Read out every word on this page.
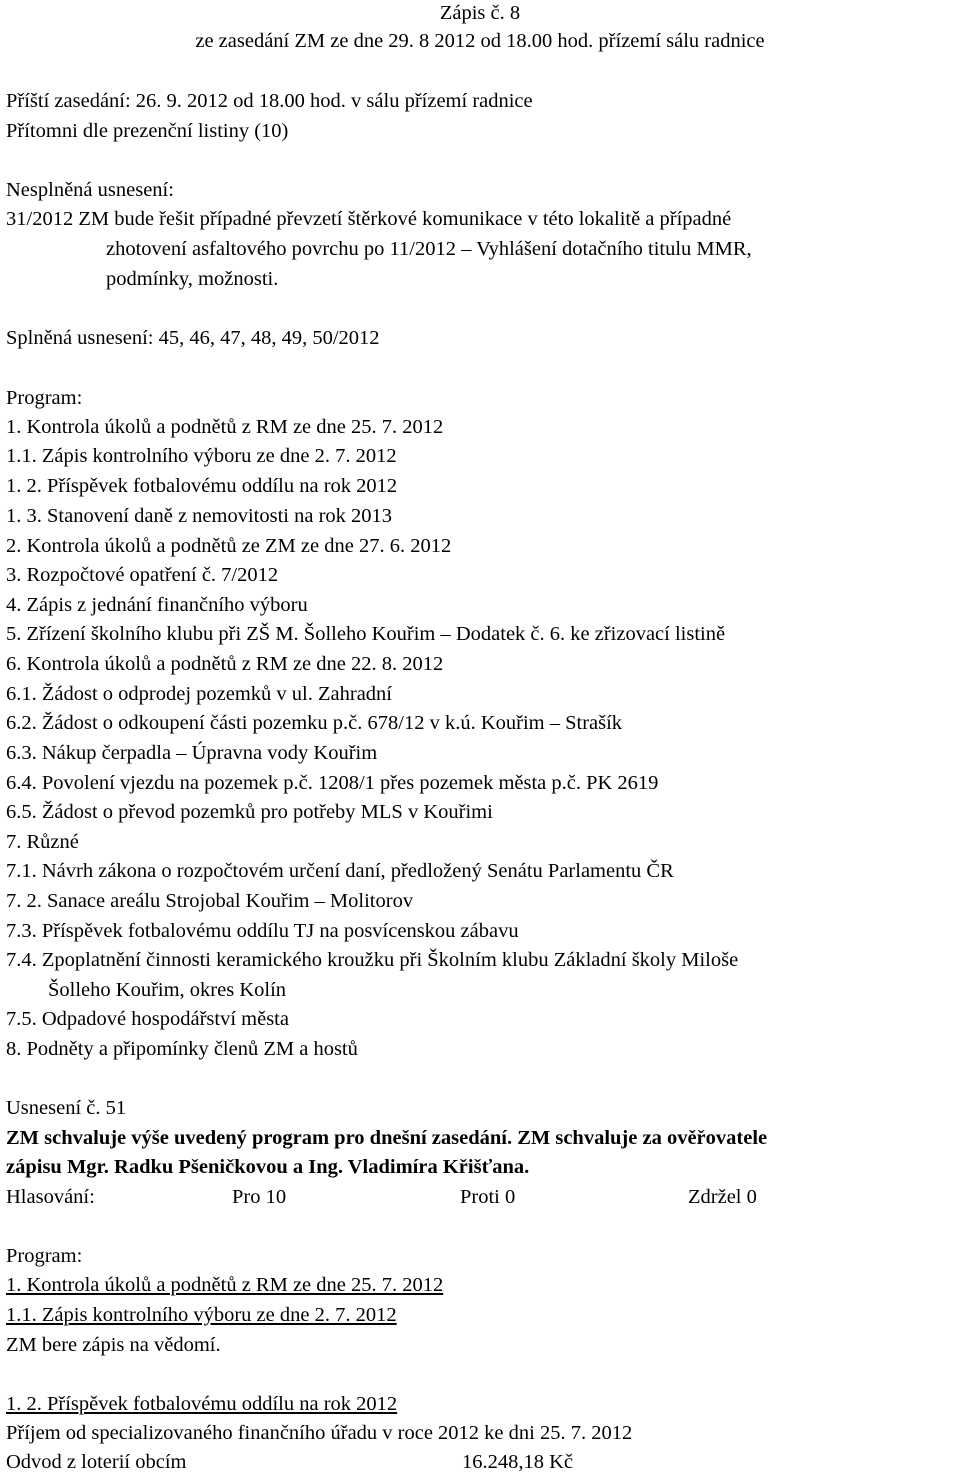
Zápis č. 8
ze zasedání ZM ze dne 29. 8 2012 od 18.00 hod. přízemí sálu radnice
Příští zasedání: 26. 9. 2012 od 18.00 hod. v sálu přízemí radnice
Přítomni dle prezenční listiny (10)
Nesplněná usnesení:
31/2012 ZM bude řešit případné převzetí štěrkové komunikace v této lokalitě a případné
zhotovení asfaltového povrchu po 11/2012 – Vyhlášení dotačního titulu MMR,
podmínky, možnosti.
Splněná usnesení: 45, 46, 47, 48, 49, 50/2012
Program:
1. Kontrola úkolů a podnětů z RM ze dne 25. 7. 2012
1.1. Zápis kontrolního výboru ze dne 2. 7. 2012
1. 2. Příspěvek fotbalovému oddílu na rok 2012
1. 3. Stanovení daně z nemovitosti na rok 2013
2. Kontrola úkolů a podnětů ze ZM ze dne 27. 6. 2012
3. Rozpočtové opatření č. 7/2012
4. Zápis z jednání finančního výboru
5. Zřízení školního klubu při ZŠ M. Šolleho Kouřim – Dodatek č. 6. ke zřizovací listině
6. Kontrola úkolů a podnětů z RM ze dne 22. 8. 2012
6.1. Žádost o odprodej pozemků v ul. Zahradní
6.2. Žádost o odkoupení části pozemku p.č. 678/12 v k.ú. Kouřim – Strašík
6.3. Nákup čerpadla – Úpravna vody Kouřim
6.4. Povolení vjezdu na pozemek p.č. 1208/1 přes pozemek města p.č. PK 2619
6.5. Žádost o převod pozemků pro potřeby MLS v Kouřimi
7. Různé
7.1. Návrh zákona o rozpočtovém určení daní, předložený Senátu Parlamentu ČR
7. 2. Sanace areálu Strojobal Kouřim – Molitorov
7.3. Příspěvek fotbalovému oddílu TJ na posvícenskou zábavu
7.4. Zpoplatnění činnosti keramického kroužku při Školním klubu Základní školy Miloše
Šolleho Kouřim, okres Kolín
7.5. Odpadové hospodářství města
8. Podněty a připomínky členů ZM a hostů
Usnesení č. 51
ZM schvaluje výše uvedený program pro dnešní zasedání. ZM schvaluje za ověřovatele
zápisu Mgr. Radku Pšeničkovou a Ing. Vladimíra Křišťana.
Hlasování:	Pro 10	Proti 0	Zdržel 0
Program:
1. Kontrola úkolů a podnětů z RM ze dne 25. 7. 2012
1.1. Zápis kontrolního výboru ze dne 2. 7. 2012
ZM bere zápis na vědomí.
1. 2. Příspěvek fotbalovému oddílu na rok 2012
Příjem od specializovaného finančního úřadu v roce 2012 ke dni 25. 7. 2012
Odvod z loterií obcím	16.248,18 Kč
